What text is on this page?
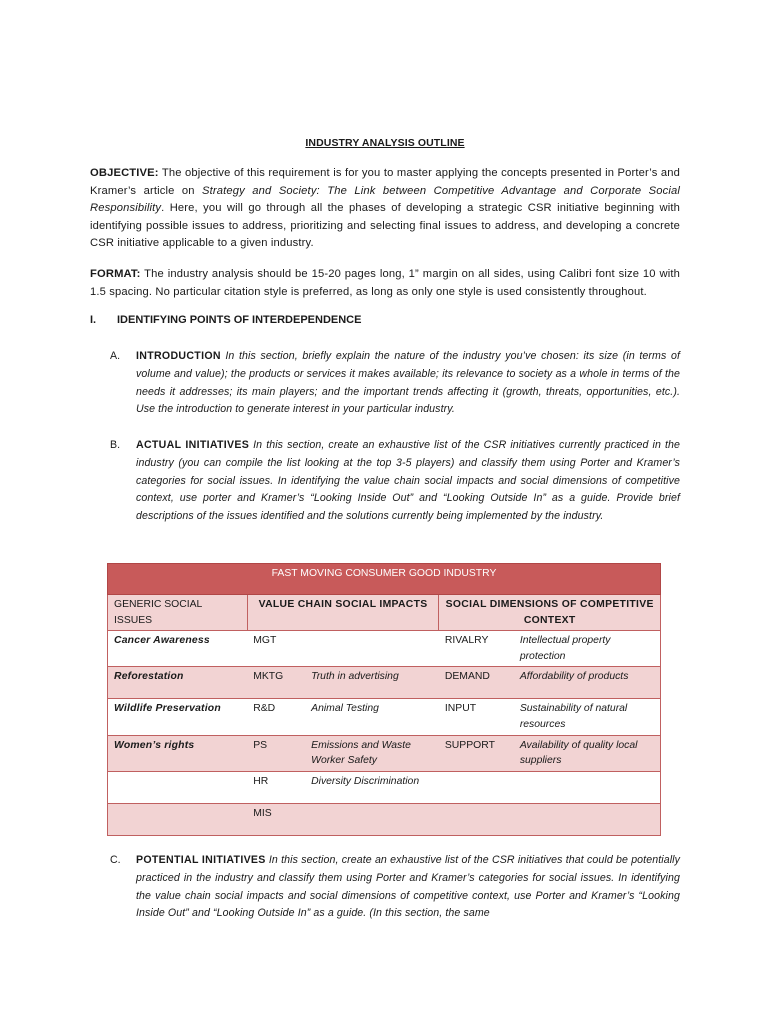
INDUSTRY ANALYSIS OUTLINE
OBJECTIVE: The objective of this requirement is for you to master applying the concepts presented in Porter’s and Kramer’s article on Strategy and Society: The Link between Competitive Advantage and Corporate Social Responsibility. Here, you will go through all the phases of developing a strategic CSR initiative beginning with identifying possible issues to address, prioritizing and selecting final issues to address, and developing a concrete CSR initiative applicable to a given industry.
FORMAT: The industry analysis should be 15-20 pages long, 1” margin on all sides, using Calibri font size 10 with 1.5 spacing. No particular citation style is preferred, as long as only one style is used consistently throughout.
I. IDENTIFYING POINTS OF INTERDEPENDENCE
A. INTRODUCTION In this section, briefly explain the nature of the industry you’ve chosen: its size (in terms of volume and value); the products or services it makes available; its relevance to society as a whole in terms of the needs it addresses; its main players; and the important trends affecting it (growth, threats, opportunities, etc.). Use the introduction to generate interest in your particular industry.
B. ACTUAL INITIATIVES In this section, create an exhaustive list of the CSR initiatives currently practiced in the industry (you can compile the list looking at the top 3-5 players) and classify them using Porter and Kramer’s categories for social issues. In identifying the value chain social impacts and social dimensions of competitive context, use porter and Kramer’s “Looking Inside Out” and “Looking Outside In” as a guide. Provide brief descriptions of the issues identified and the solutions currently being implemented by the industry.
FAST MOVING CONSUMER GOOD INDUSTRY				
GENERIC SOCIAL ISSUES	VALUE CHAIN SOCIAL IMPACTS		SOCIAL DIMENSIONS OF COMPETITIVE CONTEXT	
Cancer Awareness	MGT		RIVALRY	Intellectual property protection
Reforestation	MKTG	Truth in advertising	DEMAND	Affordability of products
Wildlife Preservation	R&D	Animal Testing	INPUT	Sustainability of natural resources
Women’s rights	PS	Emissions and Waste Worker Safety	SUPPORT	Availability of quality local suppliers
	HR	Diversity Discrimination		
	MIS			
C. POTENTIAL INITIATIVES In this section, create an exhaustive list of the CSR initiatives that could be potentially practiced in the industry and classify them using Porter and Kramer’s categories for social issues. In identifying the value chain social impacts and social dimensions of competitive context, use Porter and Kramer’s “Looking Inside Out” and “Looking Outside In” as a guide. (In this section, the same
